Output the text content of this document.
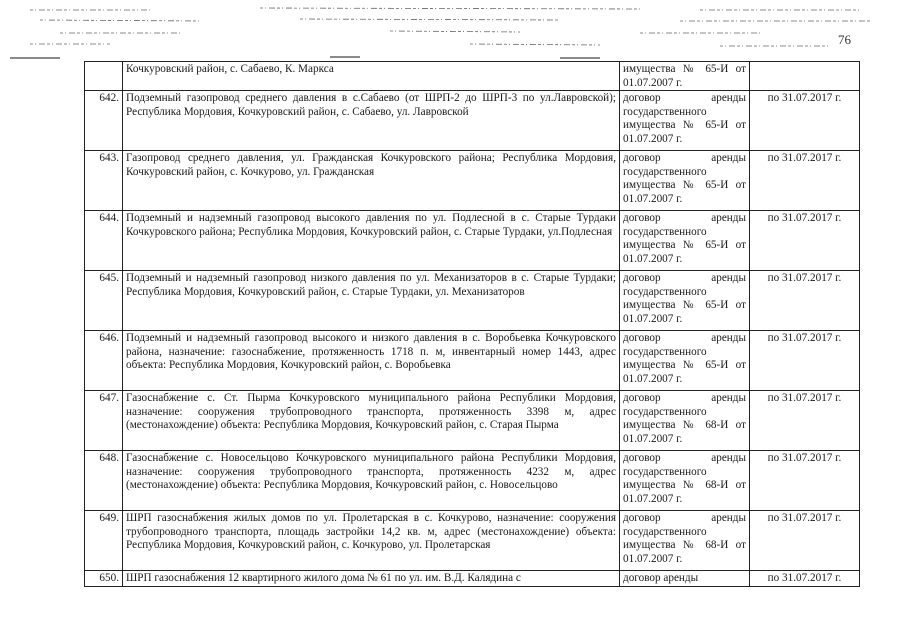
76
	Кочкуровский район, с. Сабаево, К. Маркса	имущества № 65-И от 01.07.2007 г.	
642.	Подземный газопровод среднего давления в с.Сабаево (от ШРП-2 до ШРП-3 по ул.Лавровской); Республика Мордовия, Кочкуровский район, с. Сабаево, ул. Лавровской	договор аренды государственного имущества № 65-И от 01.07.2007 г.	по 31.07.2017 г.
643.	Газопровод среднего давления, ул. Гражданская Кочкуровского района; Республика Мордовия, Кочкуровский район, с. Кочкурово, ул. Гражданская	договор аренды государственного имущества № 65-И от 01.07.2007 г.	по 31.07.2017 г.
644.	Подземный и надземный газопровод высокого давления по ул. Подлесной в с. Старые Турдаки Кочкуровского района; Республика Мордовия, Кочкуровский район, с. Старые Турдаки, ул.Подлесная	договор аренды государственного имущества № 65-И от 01.07.2007 г.	по 31.07.2017 г.
645.	Подземный и надземный газопровод низкого давления по ул. Механизаторов в с. Старые Турдаки; Республика Мордовия, Кочкуровский район, с. Старые Турдаки, ул. Механизаторов	договор аренды государственного имущества № 65-И от 01.07.2007 г.	по 31.07.2017 г.
646.	Подземный и надземный газопровод высокого и низкого давления в с. Воробьевка Кочкуровского района, назначение: газоснабжение, протяженность 1718 п. м, инвентарный номер 1443, адрес объекта: Республика Мордовия, Кочкуровский район, с. Воробьевка	договор аренды государственного имущества № 65-И от 01.07.2007 г.	по 31.07.2017 г.
647.	Газоснабжение с. Ст. Пырма Кочкуровского муниципального района Республики Мордовия, назначение: сооружения трубопроводного транспорта, протяженность 3398 м, адрес (местонахождение) объекта: Республика Мордовия, Кочкуровский район, с. Старая Пырма	договор аренды государственного имущества № 68-И от 01.07.2007 г.	по 31.07.2017 г.
648.	Газоснабжение с. Новосельцово Кочкуровского муниципального района Республики Мордовия, назначение: сооружения трубопроводного транспорта, протяженность 4232 м, адрес (местонахождение) объекта: Республика Мордовия, Кочкуровский район, с. Новосельцово	договор аренды государственного имущества № 68-И от 01.07.2007 г.	по 31.07.2017 г.
649.	ШРП газоснабжения жилых домов по ул. Пролетарская в с. Кочкурово, назначение: сооружения трубопроводного транспорта, площадь застройки 14,2 кв. м, адрес (местонахождение) объекта: Республика Мордовия, Кочкуровский район, с. Кочкурово, ул. Пролетарская	договор аренды государственного имущества № 68-И от 01.07.2007 г.	по 31.07.2017 г.
650.	ШРП газоснабжения 12 квартирного жилого дома № 61 по ул. им. В.Д. Калядина с	договор аренды	по 31.07.2017 г.
